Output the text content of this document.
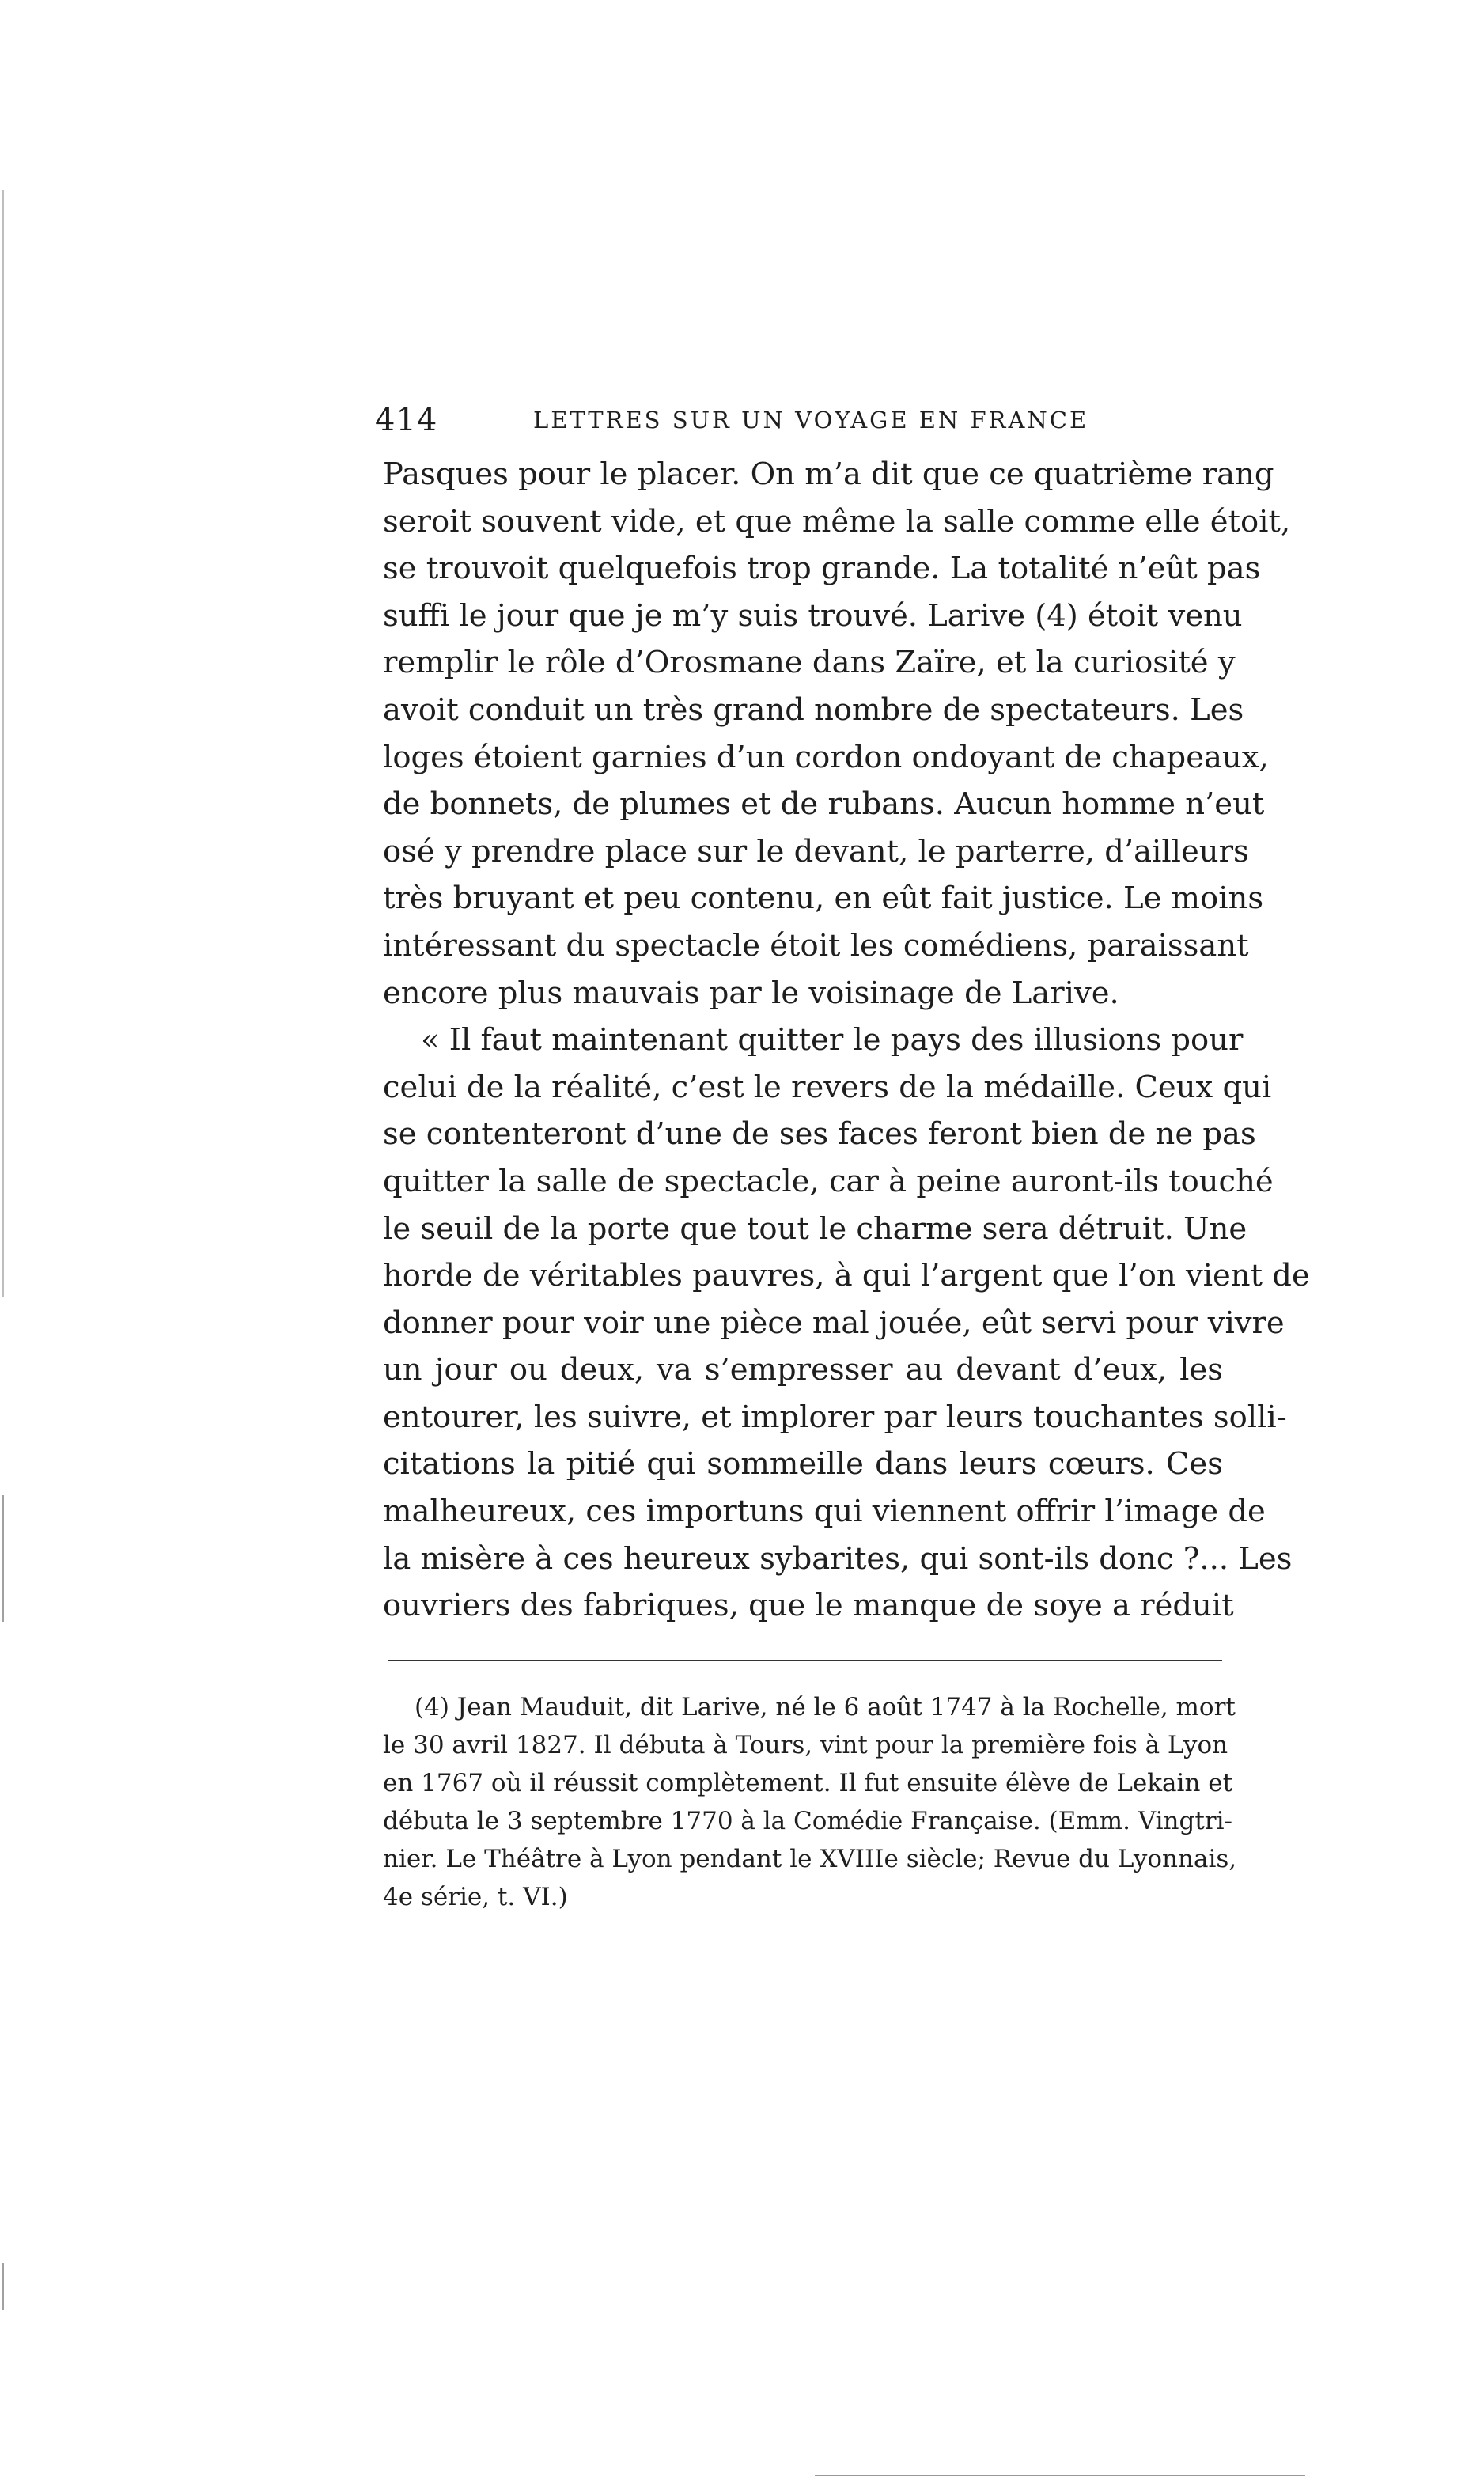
414	LETTRES SUR UN VOYAGE EN FRANCE
Pasques pour le placer. On m’a dit que ce quatrième rang
seroit souvent vide, et que même la salle comme elle étoit,
se trouvoit quelquefois trop grande. La totalité n’eût pas
suffi le jour que je m’y suis trouvé. Larive (4) étoit venu
remplir le rôle d’Orosmane dans Zaïre, et la curiosité y
avoit conduit un très grand nombre de spectateurs. Les
loges étoient garnies d’un cordon ondoyant de chapeaux,
de bonnets, de plumes et de rubans. Aucun homme n’eut
osé y prendre place sur le devant, le parterre, d’ailleurs
très bruyant et peu contenu, en eût fait justice. Le moins
intéressant du spectacle étoit les comédiens, paraissant
encore plus mauvais par le voisinage de Larive.
« Il faut maintenant quitter le pays des illusions pour
celui de la réalité, c’est le revers de la médaille. Ceux qui
se contenteront d’une de ses faces feront bien de ne pas
quitter la salle de spectacle, car à peine auront-ils touché
le seuil de la porte que tout le charme sera détruit. Une
horde de véritables pauvres, à qui l’argent que l’on vient de
donner pour voir une pièce mal jouée, eût servi pour vivre
un jour ou deux, va s’empresser au devant d’eux, les
entourer, les suivre, et implorer par leurs touchantes solli-
citations la pitié qui sommeille dans leurs cœurs. Ces
malheureux, ces importuns qui viennent offrir l’image de
la misère à ces heureux sybarites, qui sont-ils donc ?... Les
ouvriers des fabriques, que le manque de soye a réduit
(4) Jean Mauduit, dit Larive, né le 6 août 1747 à la Rochelle, mort
le 30 avril 1827. Il débuta à Tours, vint pour la première fois à Lyon
en 1767 où il réussit complètement. Il fut ensuite élève de Lekain et
débuta le 3 septembre 1770 à la Comédie Française. (Emm. Vingtri-
nier. Le Théâtre à Lyon pendant le XVIIIe siècle; Revue du Lyonnais,
4e série, t. VI.)
